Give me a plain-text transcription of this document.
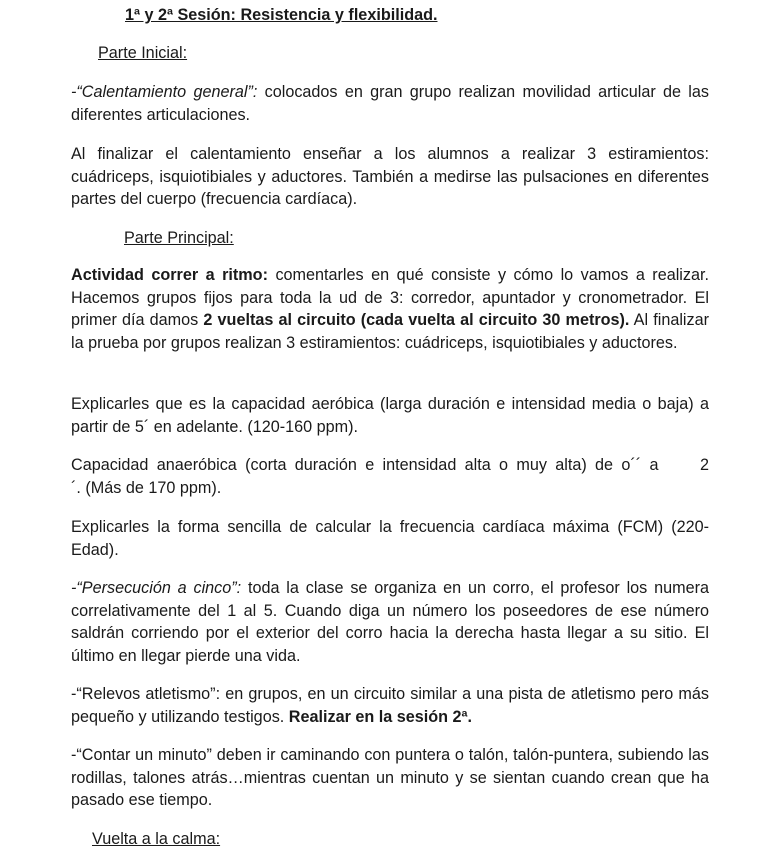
1ª y 2ª Sesión: Resistencia y flexibilidad.
Parte Inicial:
-“Calentamiento general”: colocados en gran grupo realizan movilidad articular de las diferentes articulaciones.
Al finalizar el calentamiento enseñar a los alumnos a realizar 3 estiramientos: cuádriceps, isquiotibiales y aductores. También a medirse las pulsaciones en diferentes partes del cuerpo (frecuencia cardíaca).
Parte Principal:
Actividad correr a ritmo: comentarles en qué consiste y cómo lo vamos a realizar. Hacemos grupos fijos para toda la ud de 3: corredor, apuntador y cronometrador. El primer día damos 2 vueltas al circuito (cada vuelta al circuito 30 metros). Al finalizar la prueba por grupos realizan 3 estiramientos: cuádriceps, isquiotibiales y aductores.
Explicarles que es la capacidad aeróbica (larga duración e intensidad media o baja) a partir de 5´ en adelante. (120-160 ppm).
Capacidad anaeróbica (corta duración e intensidad alta o muy alta) de o´´ a     2
´. (Más de 170 ppm).
Explicarles la forma sencilla de calcular la frecuencia cardíaca máxima (FCM) (220- Edad).
-“Persecución a cinco”: toda la clase se organiza en un corro, el profesor los numera correlativamente del 1 al 5. Cuando diga un número los poseedores de ese número saldrán corriendo por el exterior del corro hacia la derecha hasta llegar a su sitio. El último en llegar pierde una vida.
-“Relevos atletismo”: en grupos, en un circuito similar a una pista de atletismo pero más pequeño y utilizando testigos. Realizar en la sesión 2ª.
-“Contar un minuto” deben ir caminando con puntera o talón, talón-puntera, subiendo las rodillas, talones atrás…mientras cuentan un minuto y se sientan cuando crean que ha pasado ese tiempo.
Vuelta a la calma:
